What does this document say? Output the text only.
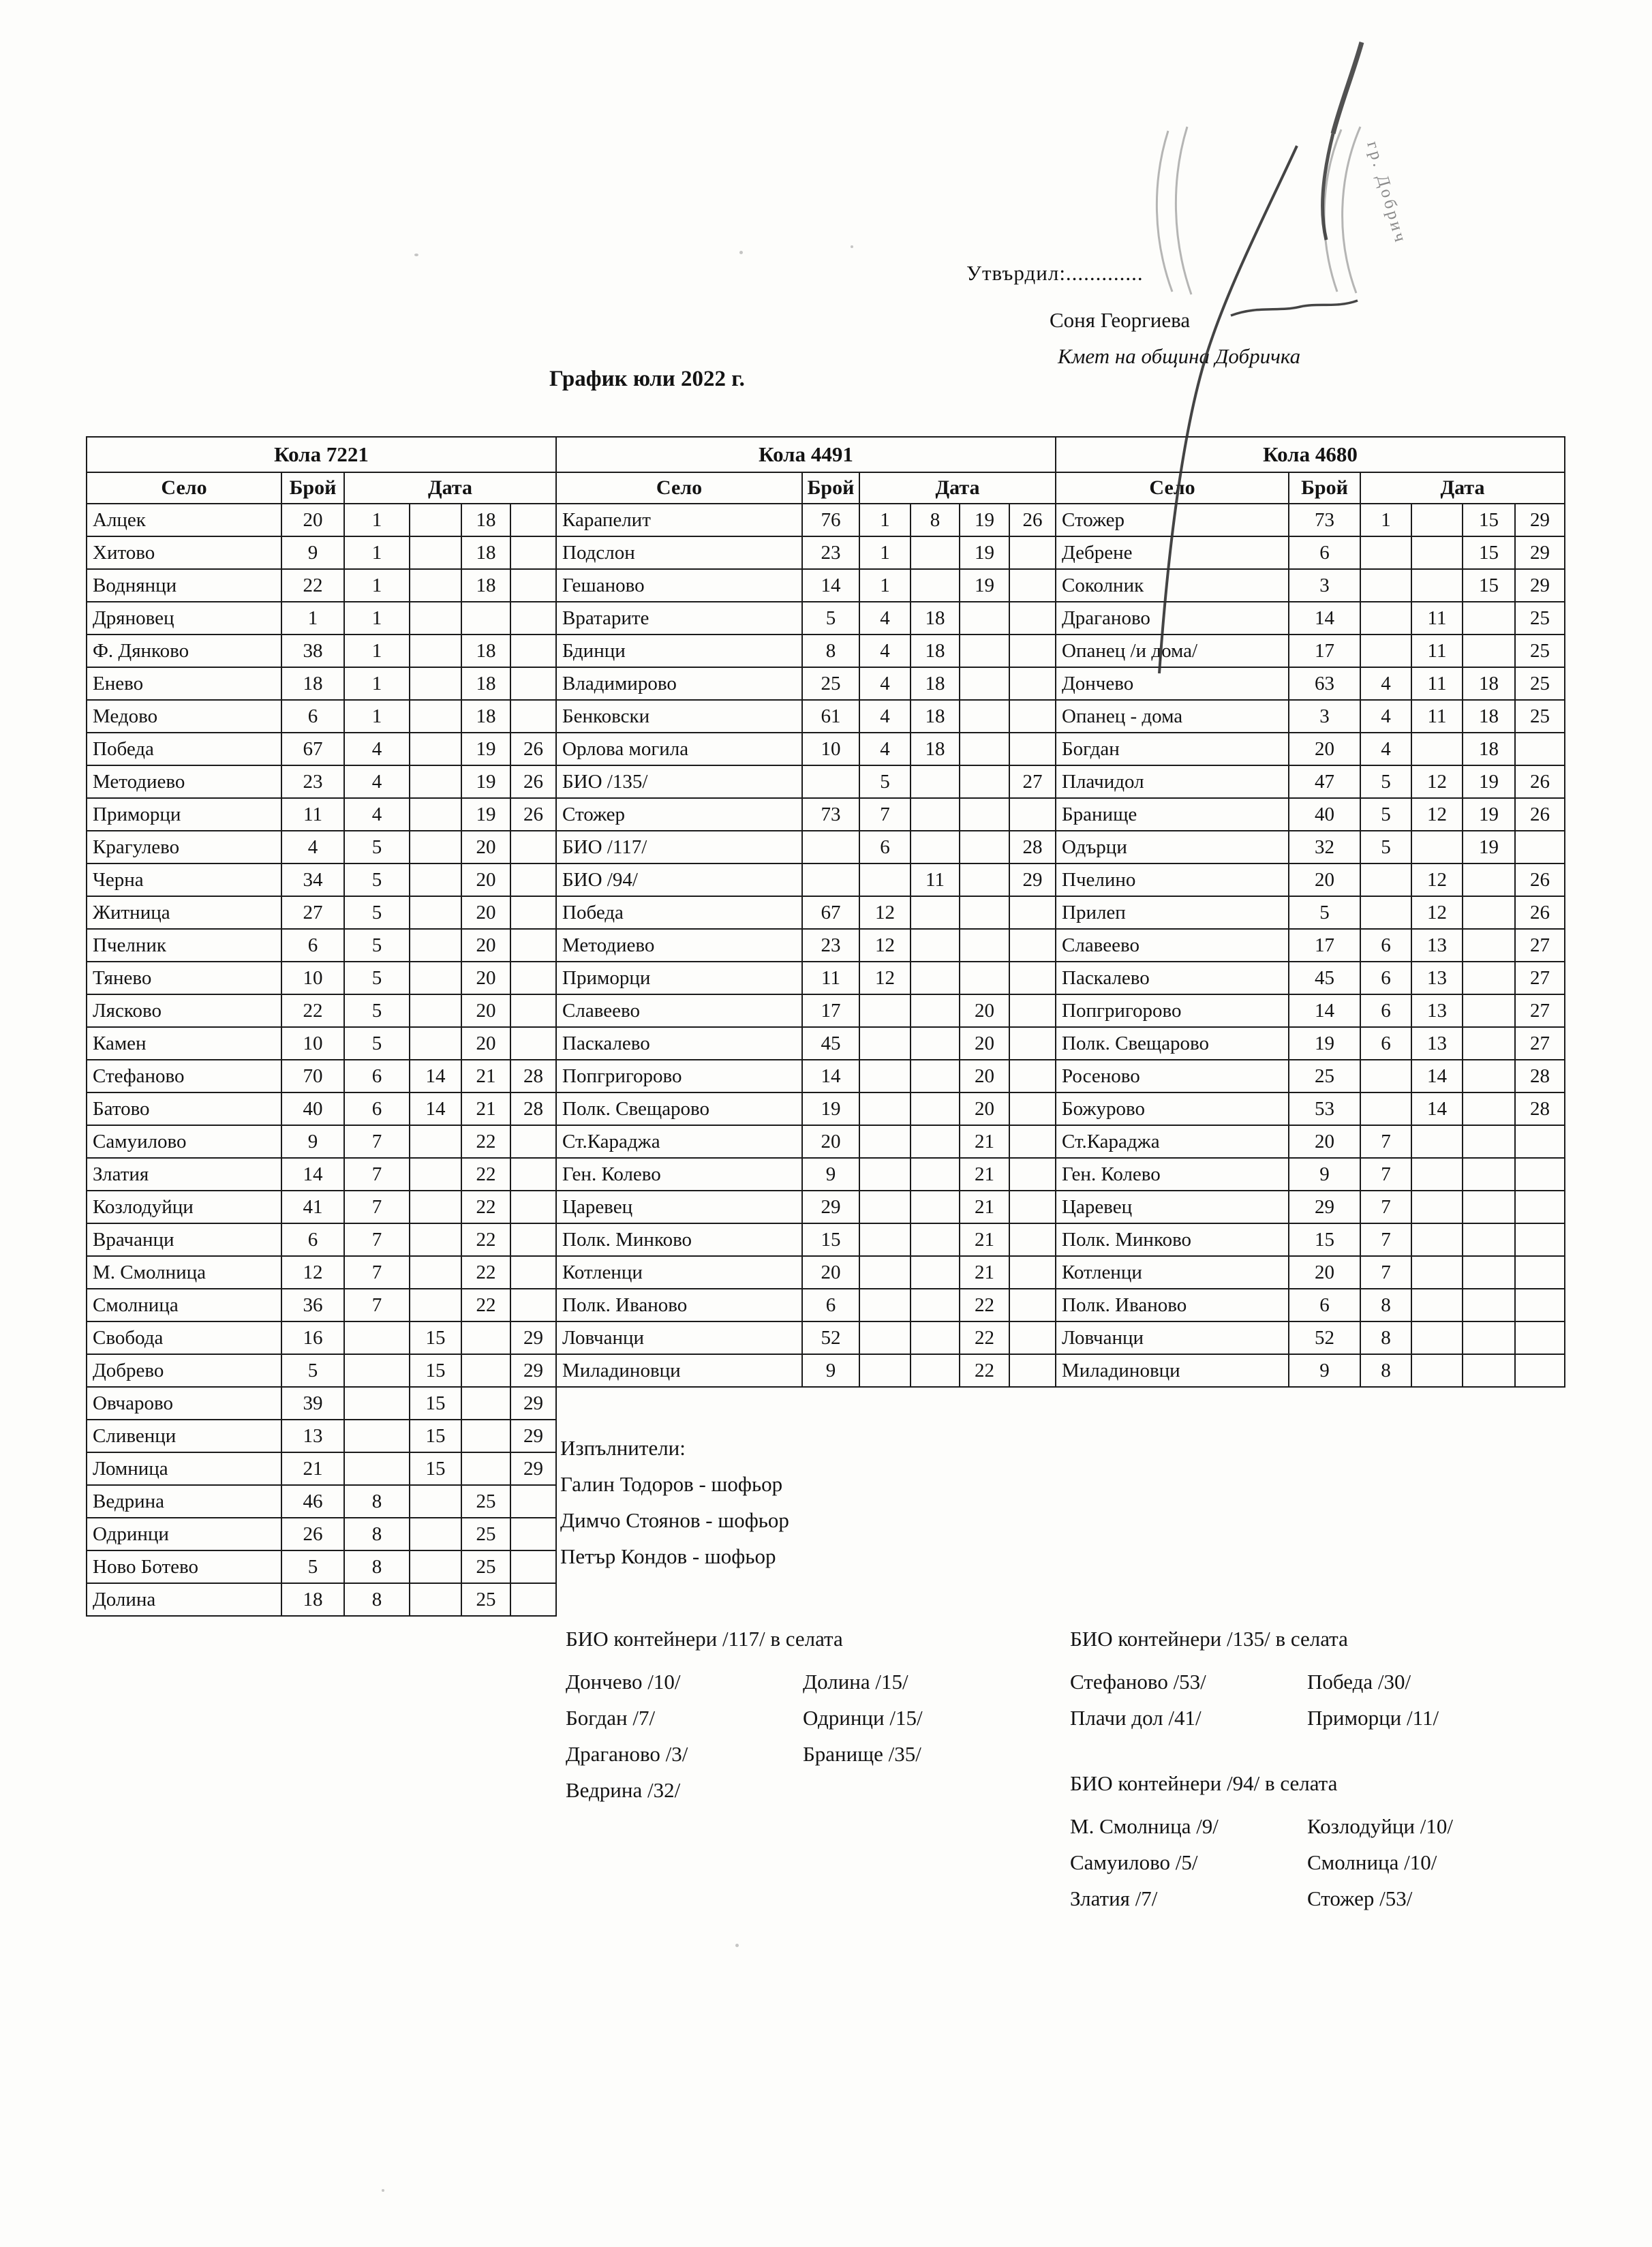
гр. Добрич
Утвърдил:.............
Соня Георгиева
Кмет на община Добричка
График юли 2022 г.
Кола 7221					
Село	Брой	Дата			
Алцек	20	1		18	
Хитово	9	1		18	
Воднянци	22	1		18	
Дряновец	1	1			
Ф. Дянково	38	1		18	
Енево	18	1		18	
Медово	6	1		18	
Победа	67	4		19	26
Методиево	23	4		19	26
Приморци	11	4		19	26
Крагулево	4	5		20	
Черна	34	5		20	
Житница	27	5		20	
Пчелник	6	5		20	
Тянево	10	5		20	
Лясково	22	5		20	
Камен	10	5		20	
Стефаново	70	6	14	21	28
Батово	40	6	14	21	28
Самуилово	9	7		22	
Златия	14	7		22	
Козлодуйци	41	7		22	
Врачанци	6	7		22	
М. Смолница	12	7		22	
Смолница	36	7		22	
Свобода	16		15		29
Добрево	5		15		29
Овчарово	39		15		29
Сливенци	13		15		29
Ломница	21		15		29
Ведрина	46	8		25	
Одринци	26	8		25	
Ново Ботево	5	8		25	
Долина	18	8		25	
Кола 4491					
Село	Брой	Дата			
Карапелит	76	1	8	19	26
Подслон	23	1		19	
Гешаново	14	1		19	
Вратарите	5	4	18		
Бдинци	8	4	18		
Владимирово	25	4	18		
Бенковски	61	4	18		
Орлова могила	10	4	18		
БИО /135/		5			27
Стожер	73	7			
БИО /117/		6			28
БИО /94/			11		29
Победа	67	12			
Методиево	23	12			
Приморци	11	12			
Славеево	17			20	
Паскалево	45			20	
Попгригорово	14			20	
Полк. Свещарово	19			20	
Ст.Караджа	20			21	
Ген. Колево	9			21	
Царевец	29			21	
Полк. Минково	15			21	
Котленци	20			21	
Полк. Иваново	6			22	
Ловчанци	52			22	
Миладиновци	9			22	
Кола 4680					
Село	Брой	Дата			
Стожер	73	1		15	29
Дебрене	6			15	29
Соколник	3			15	29
Драганово	14		11		25
Опанец /и дома/	17		11		25
Дончево	63	4	11	18	25
Опанец - дома	3	4	11	18	25
Богдан	20	4		18	
Плачидол	47	5	12	19	26
Бранище	40	5	12	19	26
Одърци	32	5		19	
Пчелино	20		12		26
Прилеп	5		12		26
Славеево	17	6	13		27
Паскалево	45	6	13		27
Попгригорово	14	6	13		27
Полк. Свещарово	19	6	13		27
Росеново	25		14		28
Божурово	53		14		28
Ст.Караджа	20	7			
Ген. Колево	9	7			
Царевец	29	7			
Полк. Минково	15	7			
Котленци	20	7			
Полк. Иваново	6	8			
Ловчанци	52	8			
Миладиновци	9	8			
Изпълнители:
Галин Тодоров - шофьор
Димчо Стоянов - шофьор
Петър Кондов - шофьор
БИО контейнери /117/ в селата
Дончево /10/
Богдан /7/
Драганово /3/
Ведрина /32/
Долина /15/
Одринци /15/
Бранище /35/
БИО контейнери /135/ в селата
Стефаново /53/
Плачи дол /41/
Победа /30/
Приморци /11/
БИО контейнери /94/ в селата
М. Смолница /9/
Самуилово /5/
Златия /7/
Козлодуйци /10/
Смолница /10/
Стожер /53/
